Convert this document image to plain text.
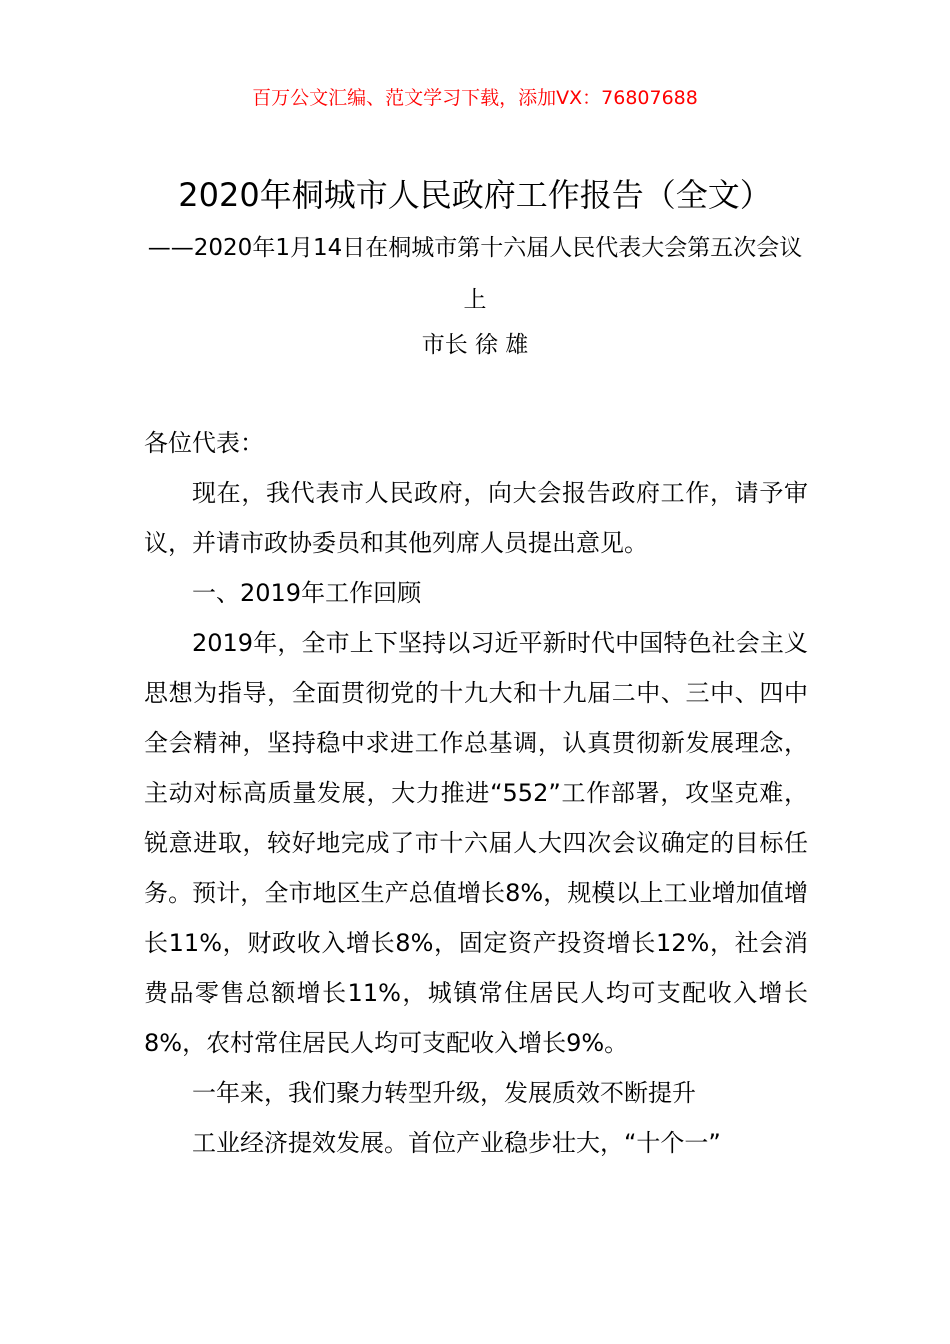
百万公文汇编、范文学习下载，添加VX：76807688
2020年桐城市人民政府工作报告（全文）
——2020年1月14日在桐城市第十六届人民代表大会第五次会议上
市长 徐 雄

各位代表：

现在，我代表市人民政府，向大会报告政府工作，请予审议，并请市政协委员和其他列席人员提出意见。

一、2019年工作回顾

2019年，全市上下坚持以习近平新时代中国特色社会主义思想为指导，全面贯彻党的十九大和十九届二中、三中、四中全会精神，坚持稳中求进工作总基调，认真贯彻新发展理念，主动对标高质量发展，大力推进“552”工作部署，攻坚克难，锐意进取，较好地完成了市十六届人大四次会议确定的目标任务。预计，全市地区生产总值增长8%，规模以上工业增加值增长11%，财政收入增长8%，固定资产投资增长12%，社会消费品零售总额增长11%，城镇常住居民人均可支配收入增长8%，农村常住居民人均可支配收入增长9%。

一年来，我们聚力转型升级，发展质效不断提升

工业经济提效发展。首位产业稳步壮大，“十个一”
